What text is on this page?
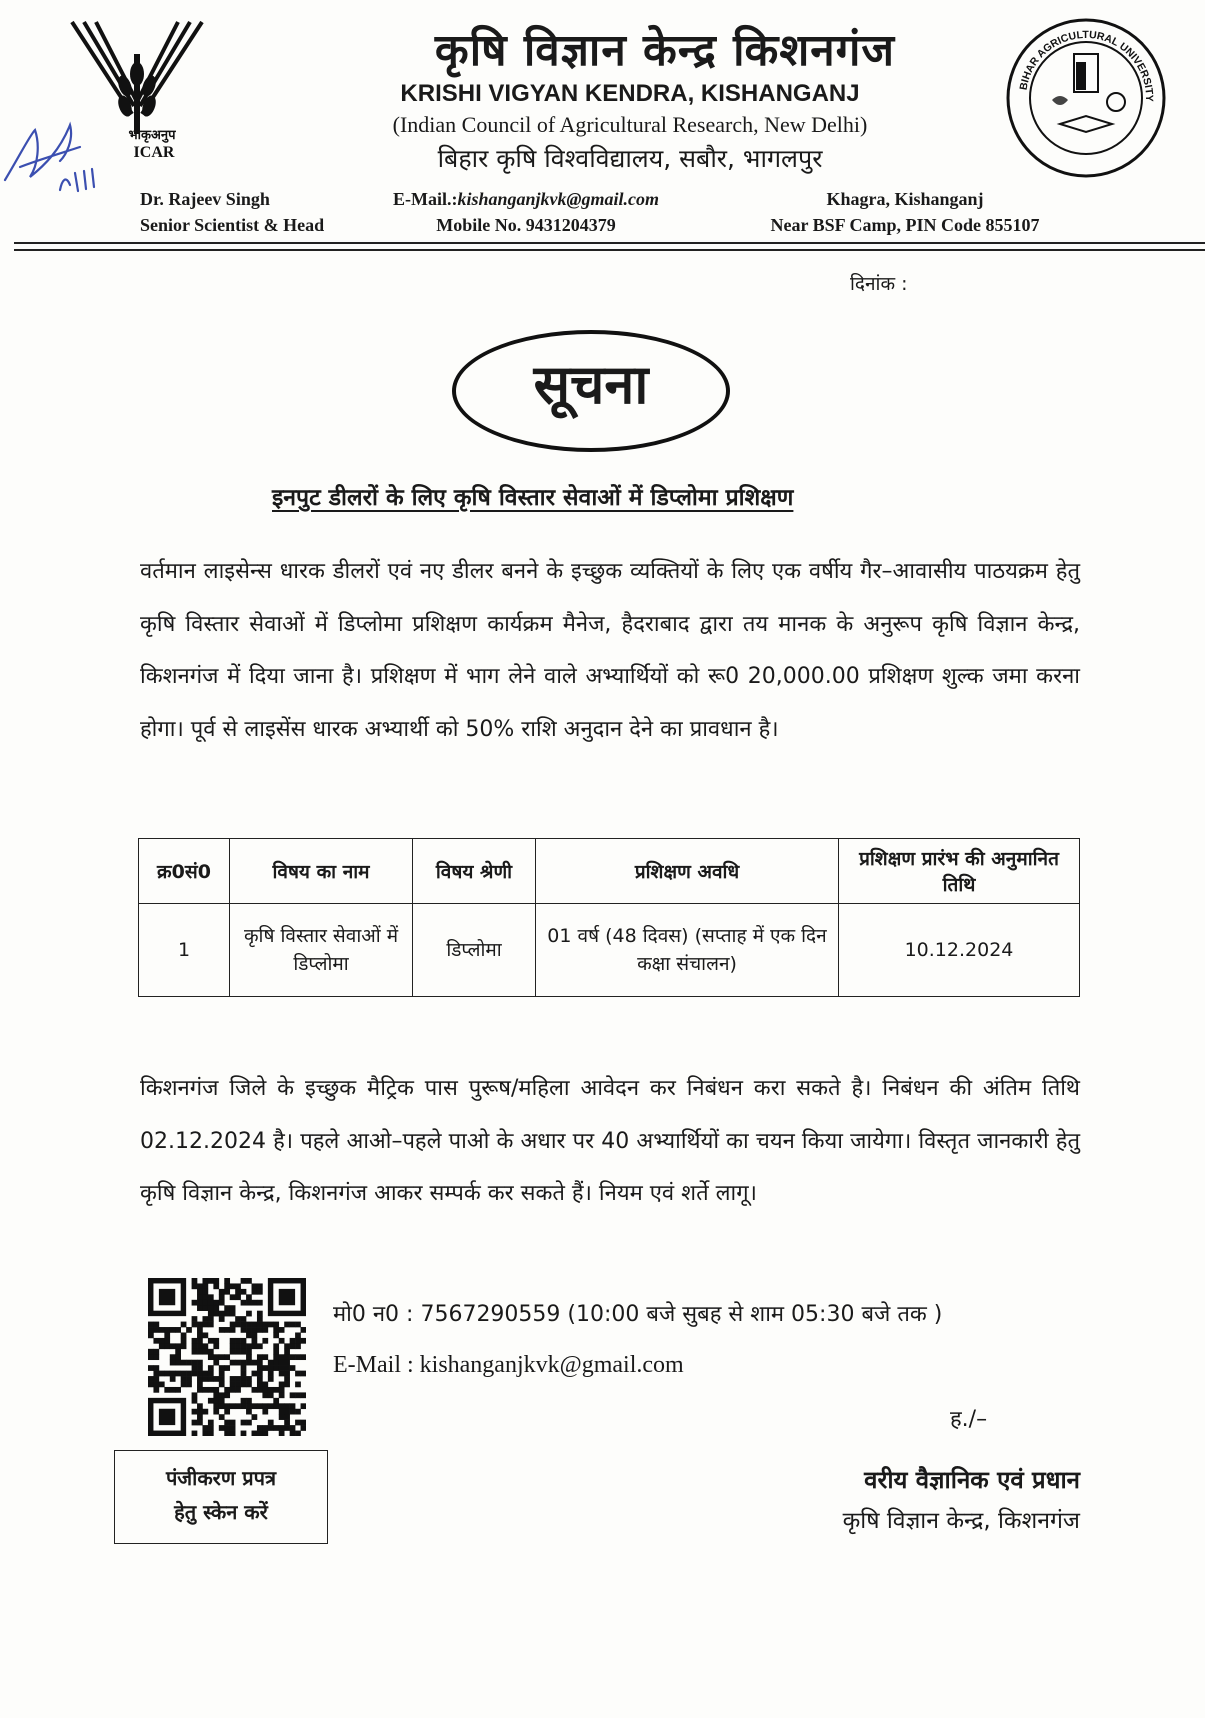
भाकृअनुप
ICAR
कृषि विज्ञान केन्द्र किशनगंज
KRISHI VIGYAN KENDRA, KISHANGANJ
(Indian Council of Agricultural Research, New Delhi)
बिहार कृषि विश्वविद्यालय, सबौर, भागलपुर
BIHAR AGRICULTURAL UNIVERSITY
Dr. Rajeev Singh
Senior Scientist & Head
E-Mail.:kishanganjkvk@gmail.com
Mobile No. 9431204379
Khagra, Kishanganj
Near BSF Camp, PIN Code 855107
दिनांक :
सूचना
इनपुट डीलरों के लिए कृषि विस्तार सेवाओं में डिप्लोमा प्रशिक्षण
वर्तमान लाइसेन्स धारक डीलरों एवं नए डीलर बनने के इच्छुक व्यक्तियों के लिए एक वर्षीय गैर–आवासीय पाठयक्रम हेतु कृषि विस्तार सेवाओं में डिप्लोमा प्रशिक्षण कार्यक्रम मैनेज, हैदराबाद द्वारा तय मानक के अनुरूप कृषि विज्ञान केन्द्र, किशनगंज में दिया जाना है। प्रशिक्षण में भाग लेने वाले अभ्यार्थियों को रू0 20,000.00 प्रशिक्षण शुल्क जमा करना होगा। पूर्व से लाइसेंस धारक अभ्यार्थी को 50% राशि अनुदान देने का प्रावधान है।
क्र0सं0	विषय का नाम	विषय श्रेणी	प्रशिक्षण अवधि	प्रशिक्षण प्रारंभ की अनुमानित तिथि
1	कृषि विस्तार सेवाओं में डिप्लोमा	डिप्लोमा	01 वर्ष (48 दिवस) (सप्ताह में एक दिन कक्षा संचालन)	10.12.2024
किशनगंज जिले के इच्छुक मैट्रिक पास पुरूष/महिला आवेदन कर निबंधन करा सकते है। निबंधन की अंतिम तिथि 02.12.2024 है। पहले आओ–पहले पाओ के अधार पर 40 अभ्यार्थियों का चयन किया जायेगा। विस्तृत जानकारी हेतु कृषि विज्ञान केन्द्र, किशनगंज आकर सम्पर्क कर सकते हैं। नियम एवं शर्ते लागू।
पंजीकरण प्रपत्र
हेतु स्केन करें
मो0 न0 : 7567290559 (10:00 बजे सुबह से शाम 05:30 बजे तक )
E-Mail : kishanganjkvk@gmail.com
ह./–
वरीय वैज्ञानिक एवं प्रधान
कृषि विज्ञान केन्द्र, किशनगंज
